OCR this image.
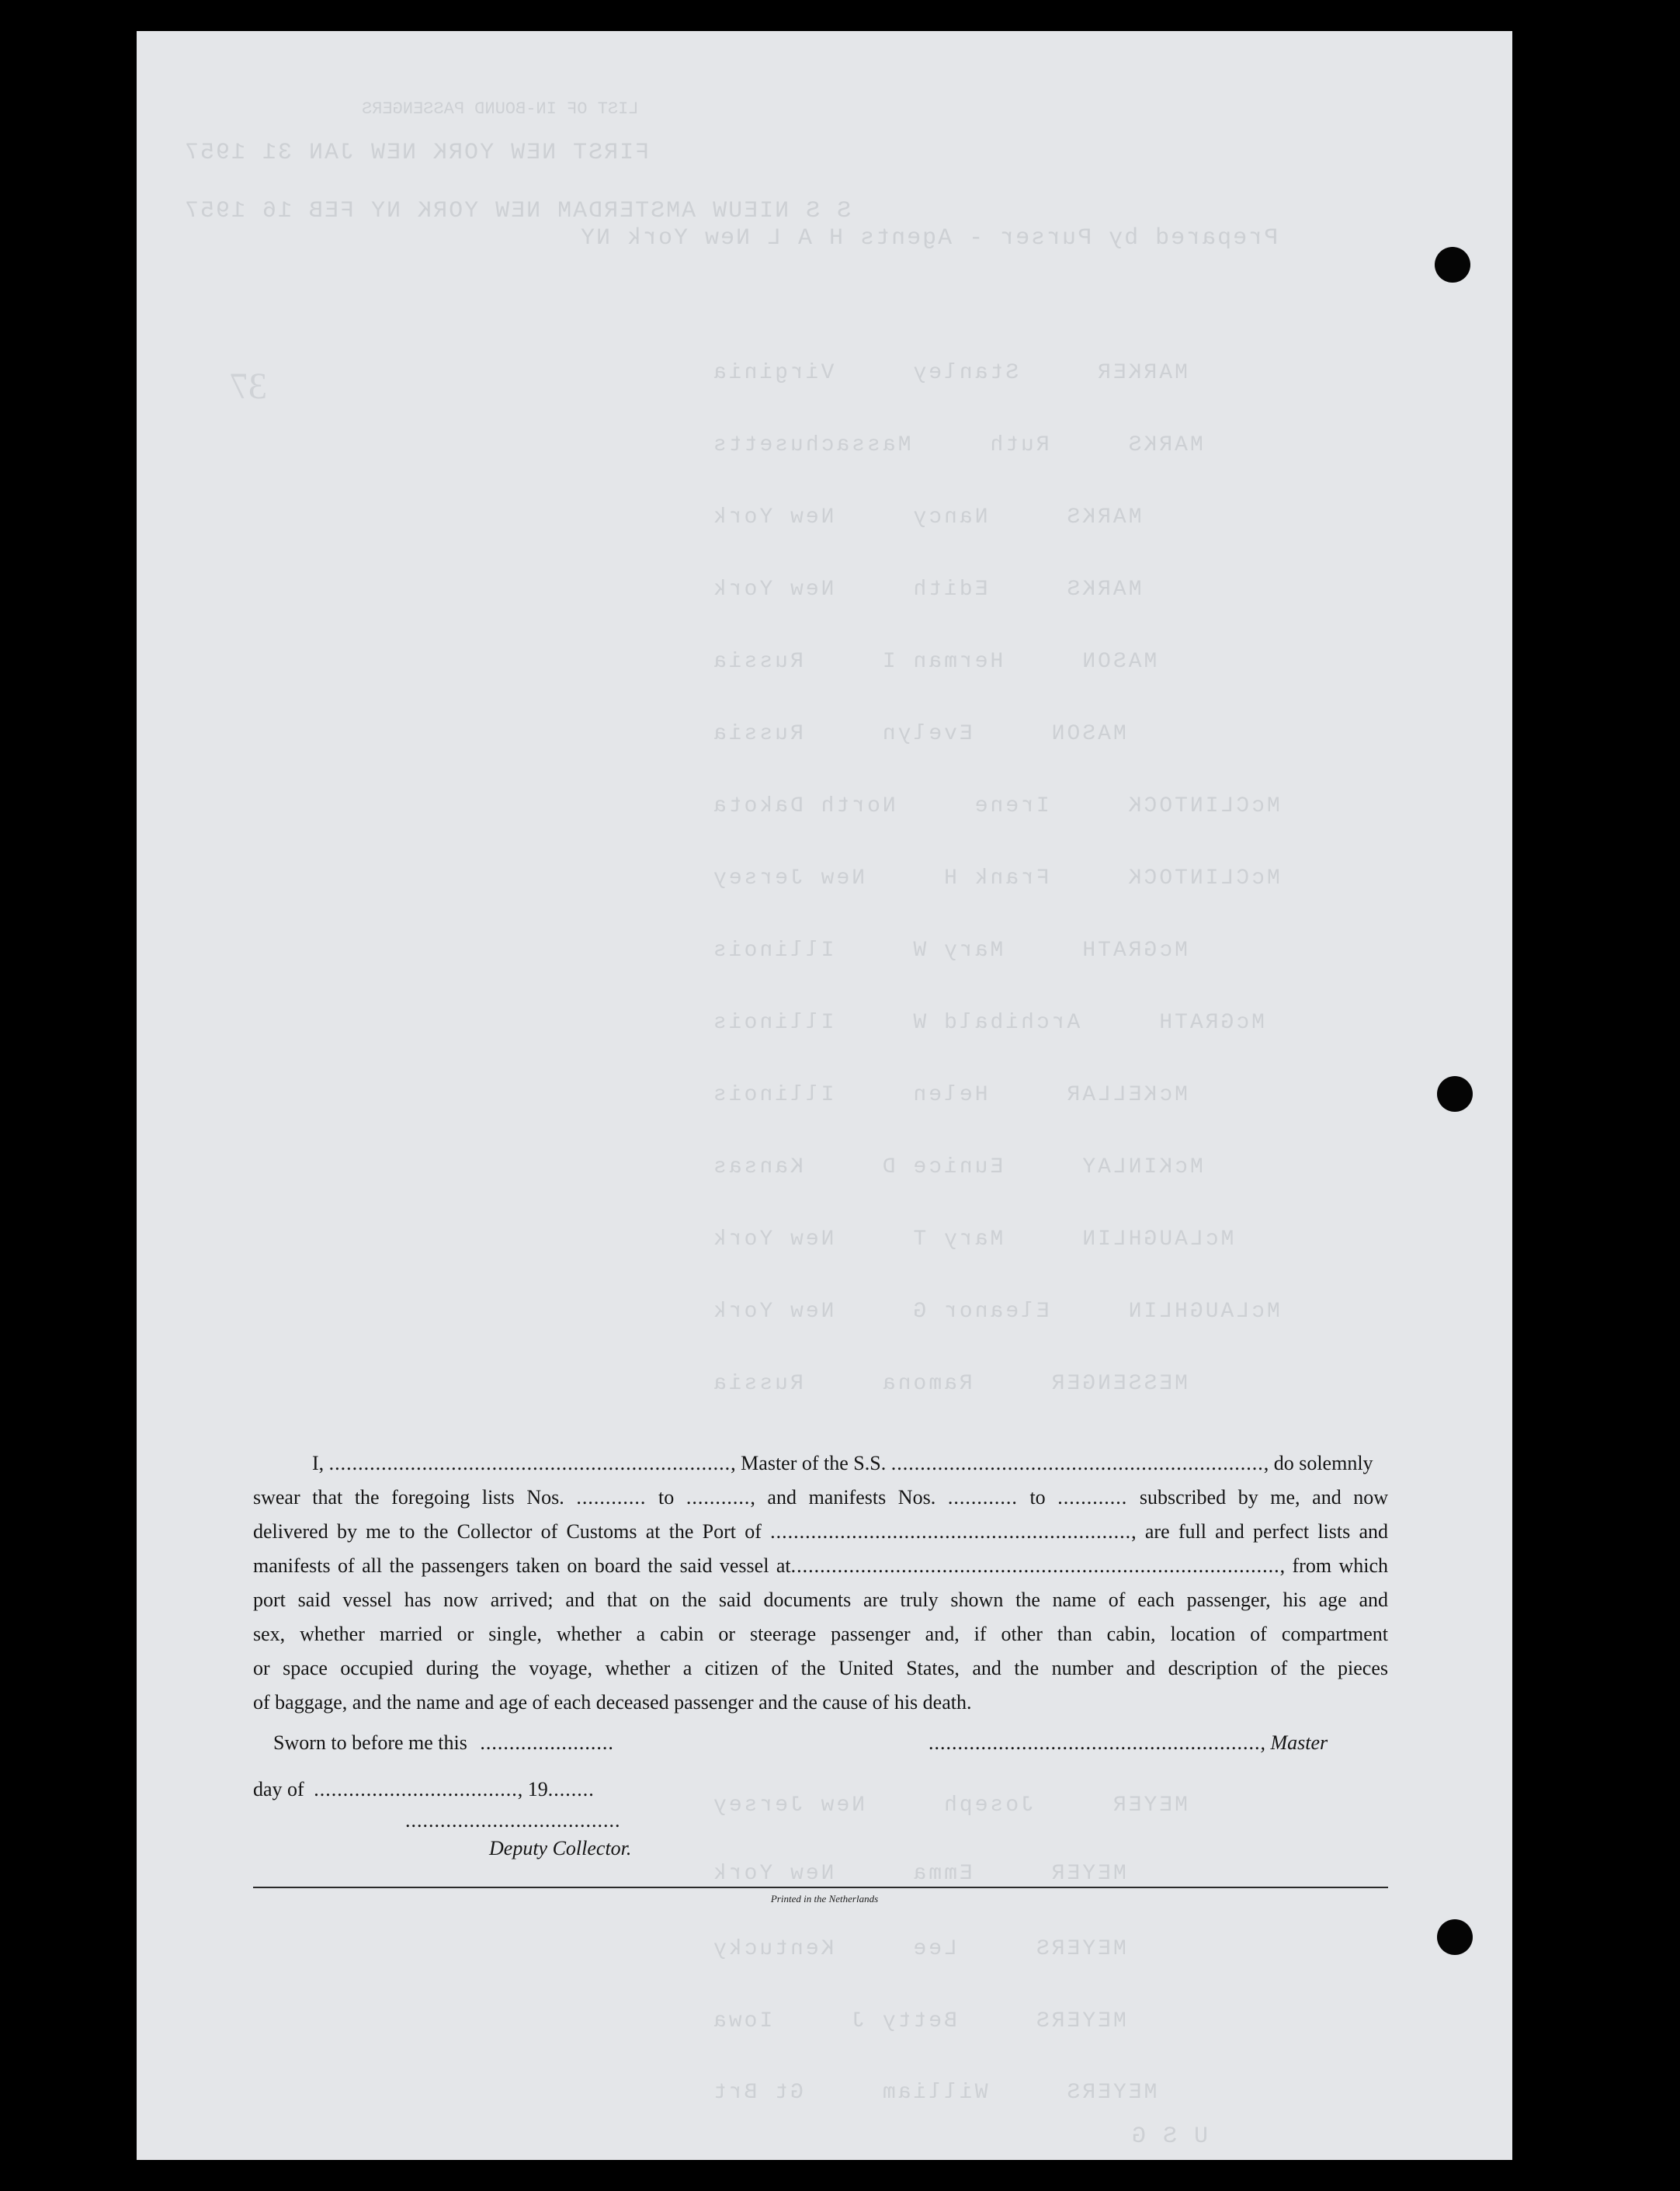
LIST OF IN-BOUND PASSENGERS
FIRST NEW YORK NEW JAN 31 1957
S S NIEUW AMSTERDAM NEW YORK NY FEB 16 1957
Prepared by Purser - Agents H A L New York NY
37	MARKER     Stanley     Virginia
MARKS     Ruth     Massachusetts
MARKS     Nancy     New York
MARKS     Edith     New York
MASON     Herman I     Russia
MASON     Evelyn     Russia
McCLINTOCK     Irene     North Dakota
McCLINTOCK     Frank H     New Jersey
McGRATH     Mary W     Illinois
McGRATH     Archibald W     Illinois
McKELLAR     Helen     Illinois
McKINLAY     Eunice D     Kansas
McLAUGHLIN     Mary T     New York
McLAUGHLIN     Eleanor G     New York
MESSENGER     Ramona     Russia
MEYER     Joseph     New Jersey
MEYER     Emma     New York
MEYERS     Lee     Kentucky
MEYERS     Betty J     Iowa
MEYERS     William     Gt Brt
U S G
I, ....................................................................., Master of the S.S. ................................................................, do solemnly
swear that the foregoing lists Nos. ............ to ..........., and manifests Nos. ............ to ............ subscribed by me, and now
delivered by me to the Collector of Customs at the Port of .............................................................., are full and perfect lists and
manifests of all the passengers taken on board the said vessel at...................................................................................., from which
port said vessel has now arrived; and that on the said documents are truly shown the name of each passenger, his age and
sex, whether married or single, whether a cabin or steerage passenger and, if other than cabin, location of compartment
or space occupied during the voyage, whether a citizen of the United States, and the number and description of the pieces
of baggage, and the name and age of each deceased passenger and the cause of his death.
Sworn to before me this .......................	........................................................., Master
day of ..................................., 19........
.....................................
Deputy Collector.
Printed in the Netherlands
